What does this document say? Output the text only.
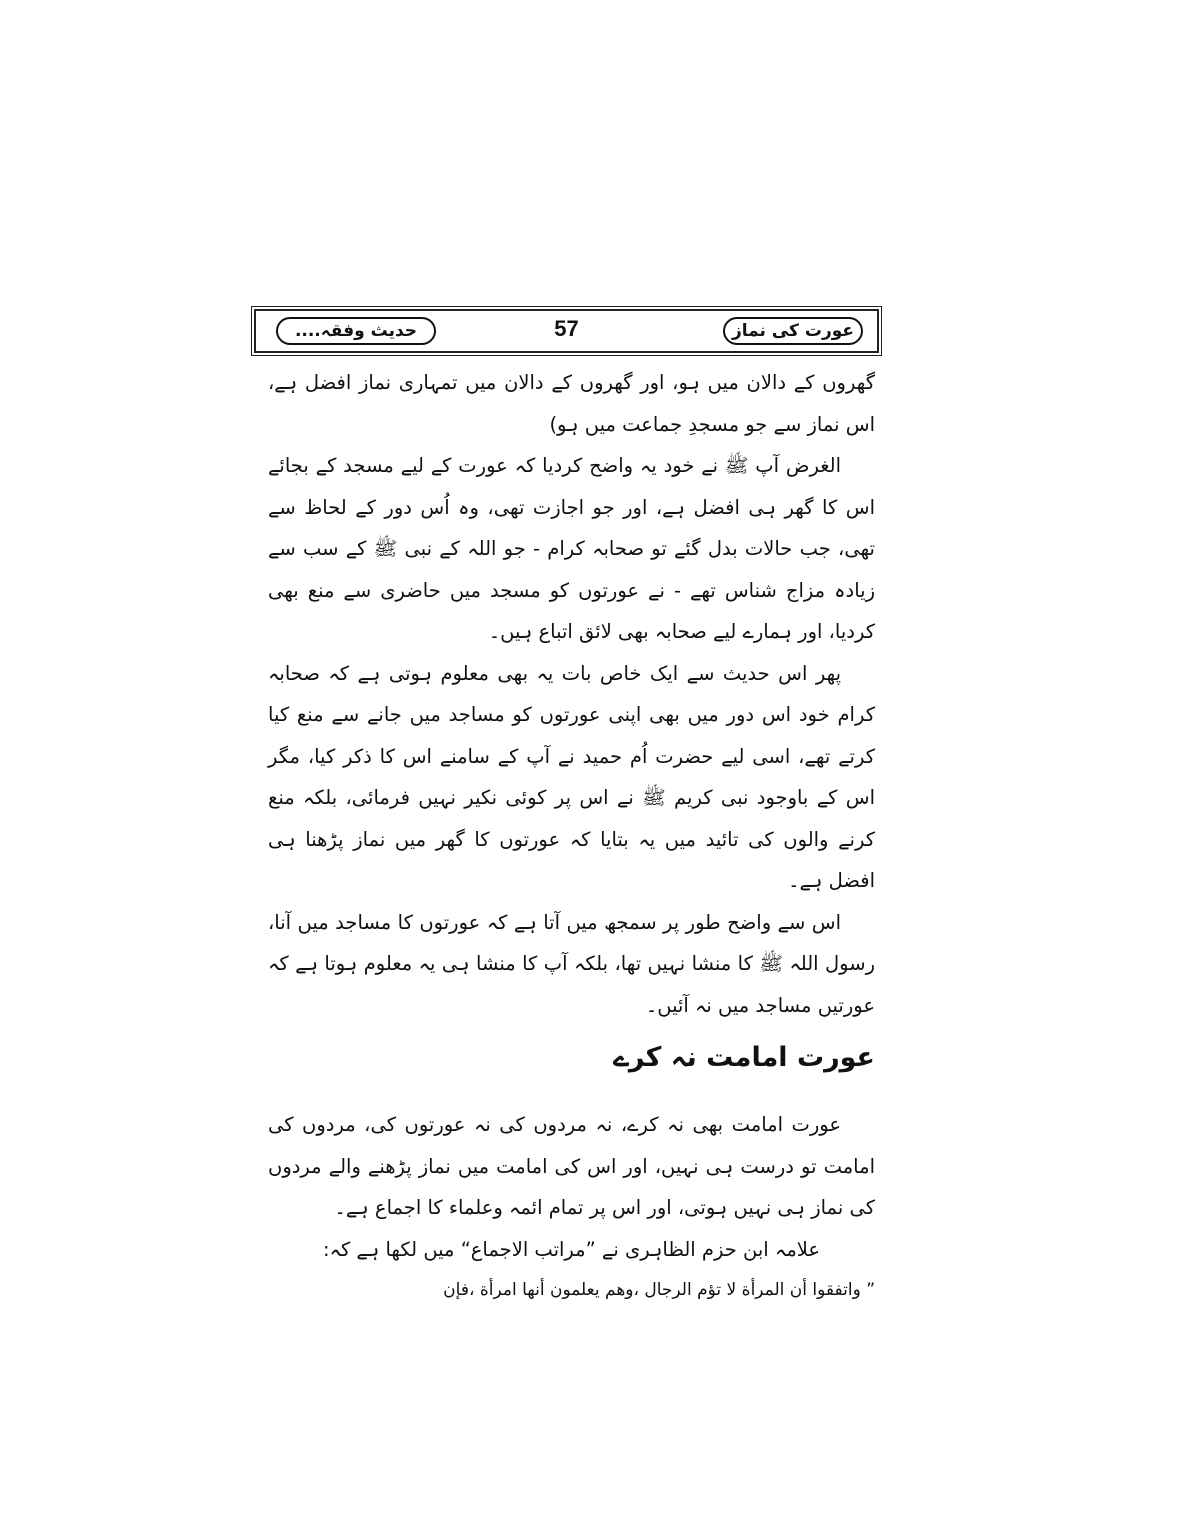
حدیث وفقہ....	57	عورت کی نماز

گھروں کے دالان میں ہو، اور گھروں کے دالان میں تمہاری نماز افضل ہے، اس نماز سے جو مسجدِ جماعت میں ہو)

الغرض آپ ﷺ نے خود یہ واضح کردیا کہ عورت کے لیے مسجد کے بجائے اس کا گھر ہی افضل ہے، اور جو اجازت تھی، وہ اُس دور کے لحاظ سے تھی، جب حالات بدل گئے تو صحابہ کرام - جو اللہ کے نبی ﷺ کے سب سے زیادہ مزاج شناس تھے - نے عورتوں کو مسجد میں حاضری سے منع بھی کردیا، اور ہمارے لیے صحابہ بھی لائق اتباع ہیں۔

پھر اس حدیث سے ایک خاص بات یہ بھی معلوم ہوتی ہے کہ صحابہ کرام خود اس دور میں بھی اپنی عورتوں کو مساجد میں جانے سے منع کیا کرتے تھے، اسی لیے حضرت اُم حمید نے آپ کے سامنے اس کا ذکر کیا، مگر اس کے باوجود نبی کریم ﷺ نے اس پر کوئی نکیر نہیں فرمائی، بلکہ منع کرنے والوں کی تائید میں یہ بتایا کہ عورتوں کا گھر میں نماز پڑھنا ہی افضل ہے۔

اس سے واضح طور پر سمجھ میں آتا ہے کہ عورتوں کا مساجد میں آنا، رسول اللہ ﷺ کا منشا نہیں تھا، بلکہ آپ کا منشا ہی یہ معلوم ہوتا ہے کہ عورتیں مساجد میں نہ آئیں۔

عورت امامت نہ کرے

عورت امامت بھی نہ کرے، نہ مردوں کی نہ عورتوں کی، مردوں کی امامت تو درست ہی نہیں، اور اس کی امامت میں نماز پڑھنے والے مردوں کی نماز ہی نہیں ہوتی، اور اس پر تمام ائمہ وعلماء کا اجماع ہے۔

علامہ ابن حزم الظاہری نے ”مراتب الاجماع“ میں لکھا ہے کہ:

” واتفقوا أن المرأة لا تؤم الرجال ،وهم يعلمون أنها امرأة ،فإن
